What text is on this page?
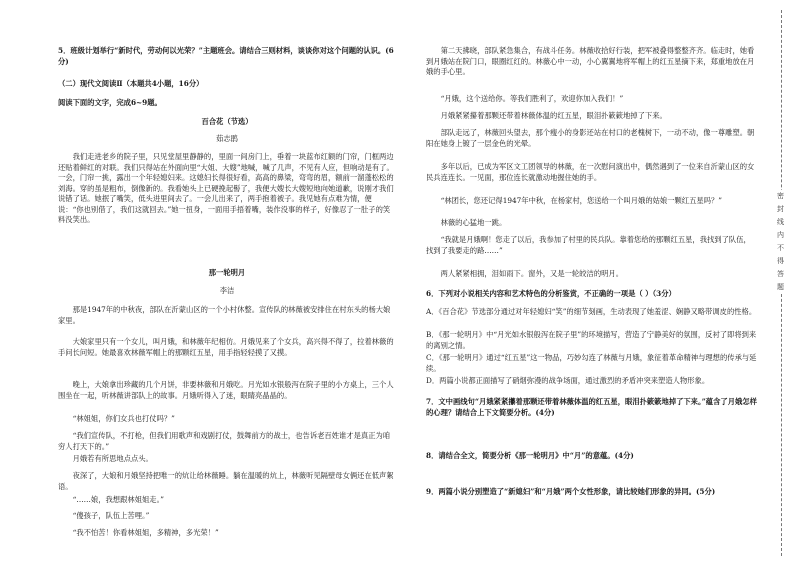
5．班级计划举行“新时代，劳动何以光荣？”主题班会。请结合三则材料，谈谈你对这个问题的认识。(6分)

（二）现代文阅读Ⅱ（本题共4小题，16分）

阅读下面的文字，完成6~9题。

百合花（节选）

茹志鹃

我们走进老乡的院子里，只见堂屋里静静的，里面一间房门上，垂着一块蓝布红额的门帘，门框两边还贴着鲜红的对联。我们只得站在外面向里“大姐、大嫂”地喊，喊了几声，不见有人应，但响动是有了。一会，门帘一挑，露出一个年轻媳妇来。这媳妇长得很好看，高高的鼻梁，弯弯的眉，额前一溜蓬松松的刘海。穿的虽是粗布，倒像新的。我看她头上已硬挽起髻了，我便大嫂长大嫂短地向她道歉，说刚才我们说错了话。她抿了嘴笑，低头进里间去了。一会儿出来了，两手抱着被子。我见她有点难为情，便说：“你也别借了，我们这就回去。”她一扭身，一面用手捂着嘴，装作没事的样子，好像忍了一肚子的笑料没笑出。

那一轮明月

李洁

那是1947年的中秋夜，部队在沂蒙山区的一个小村休整。宣传队的林薇被安排住在村东头的杨大娘家里。

大娘家里只有一个女儿，叫月娥，和林薇年纪相仿。月娥见来了个女兵，高兴得不得了，拉着林薇的手问长问短。她最喜欢林薇军帽上的那颗红五星，用手指轻轻摸了又摸。

晚上，大娘拿出珍藏的几个月饼，非要林薇和月娥吃。月光如水银般泻在院子里的小方桌上，三个人围坐在一起，听林薇讲部队上的故事。月娥听得入了迷，眼睛亮晶晶的。

“林姐姐，你们女兵也打仗吗？”

“我们宣传队，不打枪，但我们用歌声和戏剧打仗，鼓舞前方的战士，也告诉老百姓谁才是真正为咱穷人打天下的。”

月娥若有所思地点点头。

夜深了，大娘和月娥坚持把唯一的炕让给林薇睡。躺在温暖的炕上，林薇听见隔壁母女俩还在低声絮语。

“……娘，我想跟林姐姐走。”

“傻孩子，队伍上苦哩。”

“我不怕苦！你看林姐姐，多精神，多光荣！”

第二天拂晓，部队紧急集合，有战斗任务。林薇收拾好行装，把军被叠得整整齐齐。临走时，她看到月娥站在院门口，眼圈红红的。林薇心中一动，小心翼翼地将军帽上的红五星摘下来，郑重地放在月娥的手心里。

“月娥，这个送给你。等我们胜利了，欢迎你加入我们！”

月娥紧紧攥着那颗还带着林薇体温的红五星，眼泪扑簌簌地掉了下来。

部队走远了，林薇回头望去，那个瘦小的身影还站在村口的老槐树下，一动不动，像一尊雕塑。朝阳在她身上镀了一层金色的光晕。

多年以后，已成为军区文工团领导的林薇，在一次慰问演出中，偶然遇到了一位来自沂蒙山区的女民兵连连长。一见面，那位连长就激动地握住她的手。

“林团长，您还记得1947年中秋，在杨家村，您送给一个叫月娥的姑娘一颗红五星吗？”

林薇的心猛地一跳。

“我就是月娥啊！您走了以后，我参加了村里的民兵队。靠着您给的那颗红五星，我找到了队伍，找到了我要走的路……”

两人紧紧相拥，泪如雨下。窗外，又是一轮皎洁的明月。

6．下列对小说相关内容和艺术特色的分析鉴赏，不正确的一项是（ ）（3分）

A．《百合花》节选部分通过对年轻媳妇“笑”的细节刻画，生动表现了她羞涩、娴静又略带调皮的性格。

B．《那一轮明月》中“月光如水银般泻在院子里”的环境描写，营造了宁静美好的氛围，反衬了即将到来的离别之情。

C．《那一轮明月》通过“红五星”这一物品，巧妙勾连了林薇与月娥，象征着革命精神与理想的传承与延续。

D．两篇小说都正面描写了硝烟弥漫的战争场面，通过激烈的矛盾冲突来塑造人物形象。

7．文中画线句“月娥紧紧攥着那颗还带着林薇体温的红五星，眼泪扑簌簌地掉了下来。”蕴含了月娥怎样的心理？请结合上下文简要分析。(4分)

8．请结合全文，简要分析《那一轮明月》中“月”的意蕴。(4分)

9．两篇小说分别塑造了“新媳妇”和“月娥”两个女性形象，请比较她们形象的异同。(5分)

密封线内不得答题
